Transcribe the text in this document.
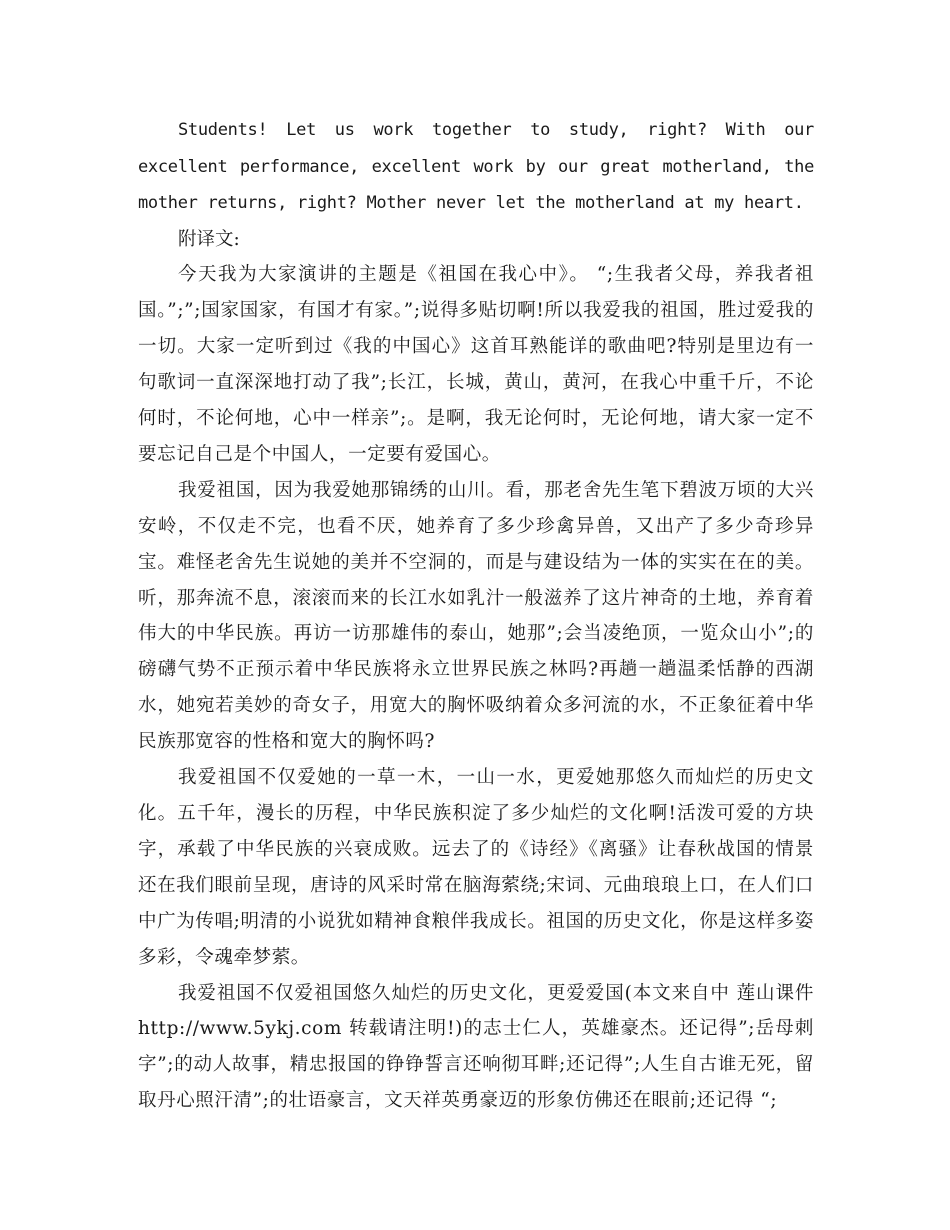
Students! Let us work together to study, right? With our excellent performance, excellent work by our great motherland, the mother returns, right? Mother never let the motherland at my heart.

附译文:

今天我为大家演讲的主题是《祖国在我心中》。 “;生我者父母，养我者祖国。”;”;国家国家，有国才有家。”;说得多贴切啊!所以我爱我的祖国，胜过爱我的一切。大家一定听到过《我的中国心》这首耳熟能详的歌曲吧?特别是里边有一句歌词一直深深地打动了我”;长江，长城，黄山，黄河，在我心中重千斤，不论何时，不论何地，心中一样亲”;。是啊，我无论何时，无论何地，请大家一定不要忘记自己是个中国人，一定要有爱国心。

我爱祖国，因为我爱她那锦绣的山川。看，那老舍先生笔下碧波万顷的大兴安岭，不仅走不完，也看不厌，她养育了多少珍禽异兽，又出产了多少奇珍异宝。难怪老舍先生说她的美并不空洞的，而是与建设结为一体的实实在在的美。听，那奔流不息，滚滚而来的长江水如乳汁一般滋养了这片神奇的土地，养育着伟大的中华民族。再访一访那雄伟的泰山，她那”;会当凌绝顶，一览众山小”;的磅礴气势不正预示着中华民族将永立世界民族之林吗?再趟一趟温柔恬静的西湖水，她宛若美妙的奇女子，用宽大的胸怀吸纳着众多河流的水，不正象征着中华民族那宽容的性格和宽大的胸怀吗?

我爱祖国不仅爱她的一草一木，一山一水，更爱她那悠久而灿烂的历史文化。五千年，漫长的历程，中华民族积淀了多少灿烂的文化啊!活泼可爱的方块字，承载了中华民族的兴衰成败。远去了的《诗经》《离骚》让春秋战国的情景还在我们眼前呈现，唐诗的风采时常在脑海萦绕;宋词、元曲琅琅上口，在人们口中广为传唱;明清的小说犹如精神食粮伴我成长。祖国的历史文化，你是这样多姿多彩，令魂牵梦萦。

我爱祖国不仅爱祖国悠久灿烂的历史文化，更爱爱国(本文来自中 莲山课件 http://www.5ykj.com 转载请注明!)的志士仁人，英雄豪杰。还记得”;岳母刺字”;的动人故事，精忠报国的铮铮誓言还响彻耳畔;还记得”;人生自古谁无死，留取丹心照汗清”;的壮语豪言，文天祥英勇豪迈的形象仿佛还在眼前;还记得 “;
